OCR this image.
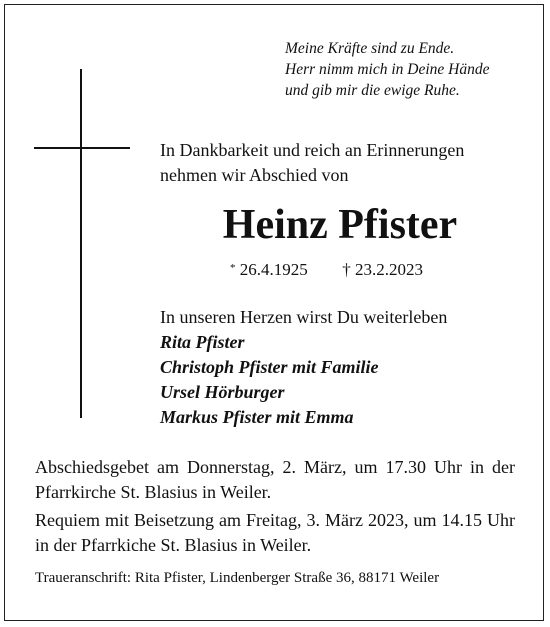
Meine Kräfte sind zu Ende.
Herr nimm mich in Deine Hände
und gib mir die ewige Ruhe.
In Dankbarkeit und reich an Erinnerungen
nehmen wir Abschied von
Heinz Pfister
* 26.4.1925 † 23.2.2023
In unseren Herzen wirst Du weiterleben
Rita Pfister
Christoph Pfister mit Familie
Ursel Hörburger
Markus Pfister mit Emma

Abschiedsgebet am Donnerstag, 2. März, um 17.30 Uhr in der Pfarrkirche St. Blasius in Weiler.

Requiem mit Beisetzung am Freitag, 3. März 2023, um 14.15 Uhr in der Pfarrkiche St. Blasius in Weiler.

Traueranschrift: Rita Pfister, Lindenberger Straße 36, 88171 Weiler
